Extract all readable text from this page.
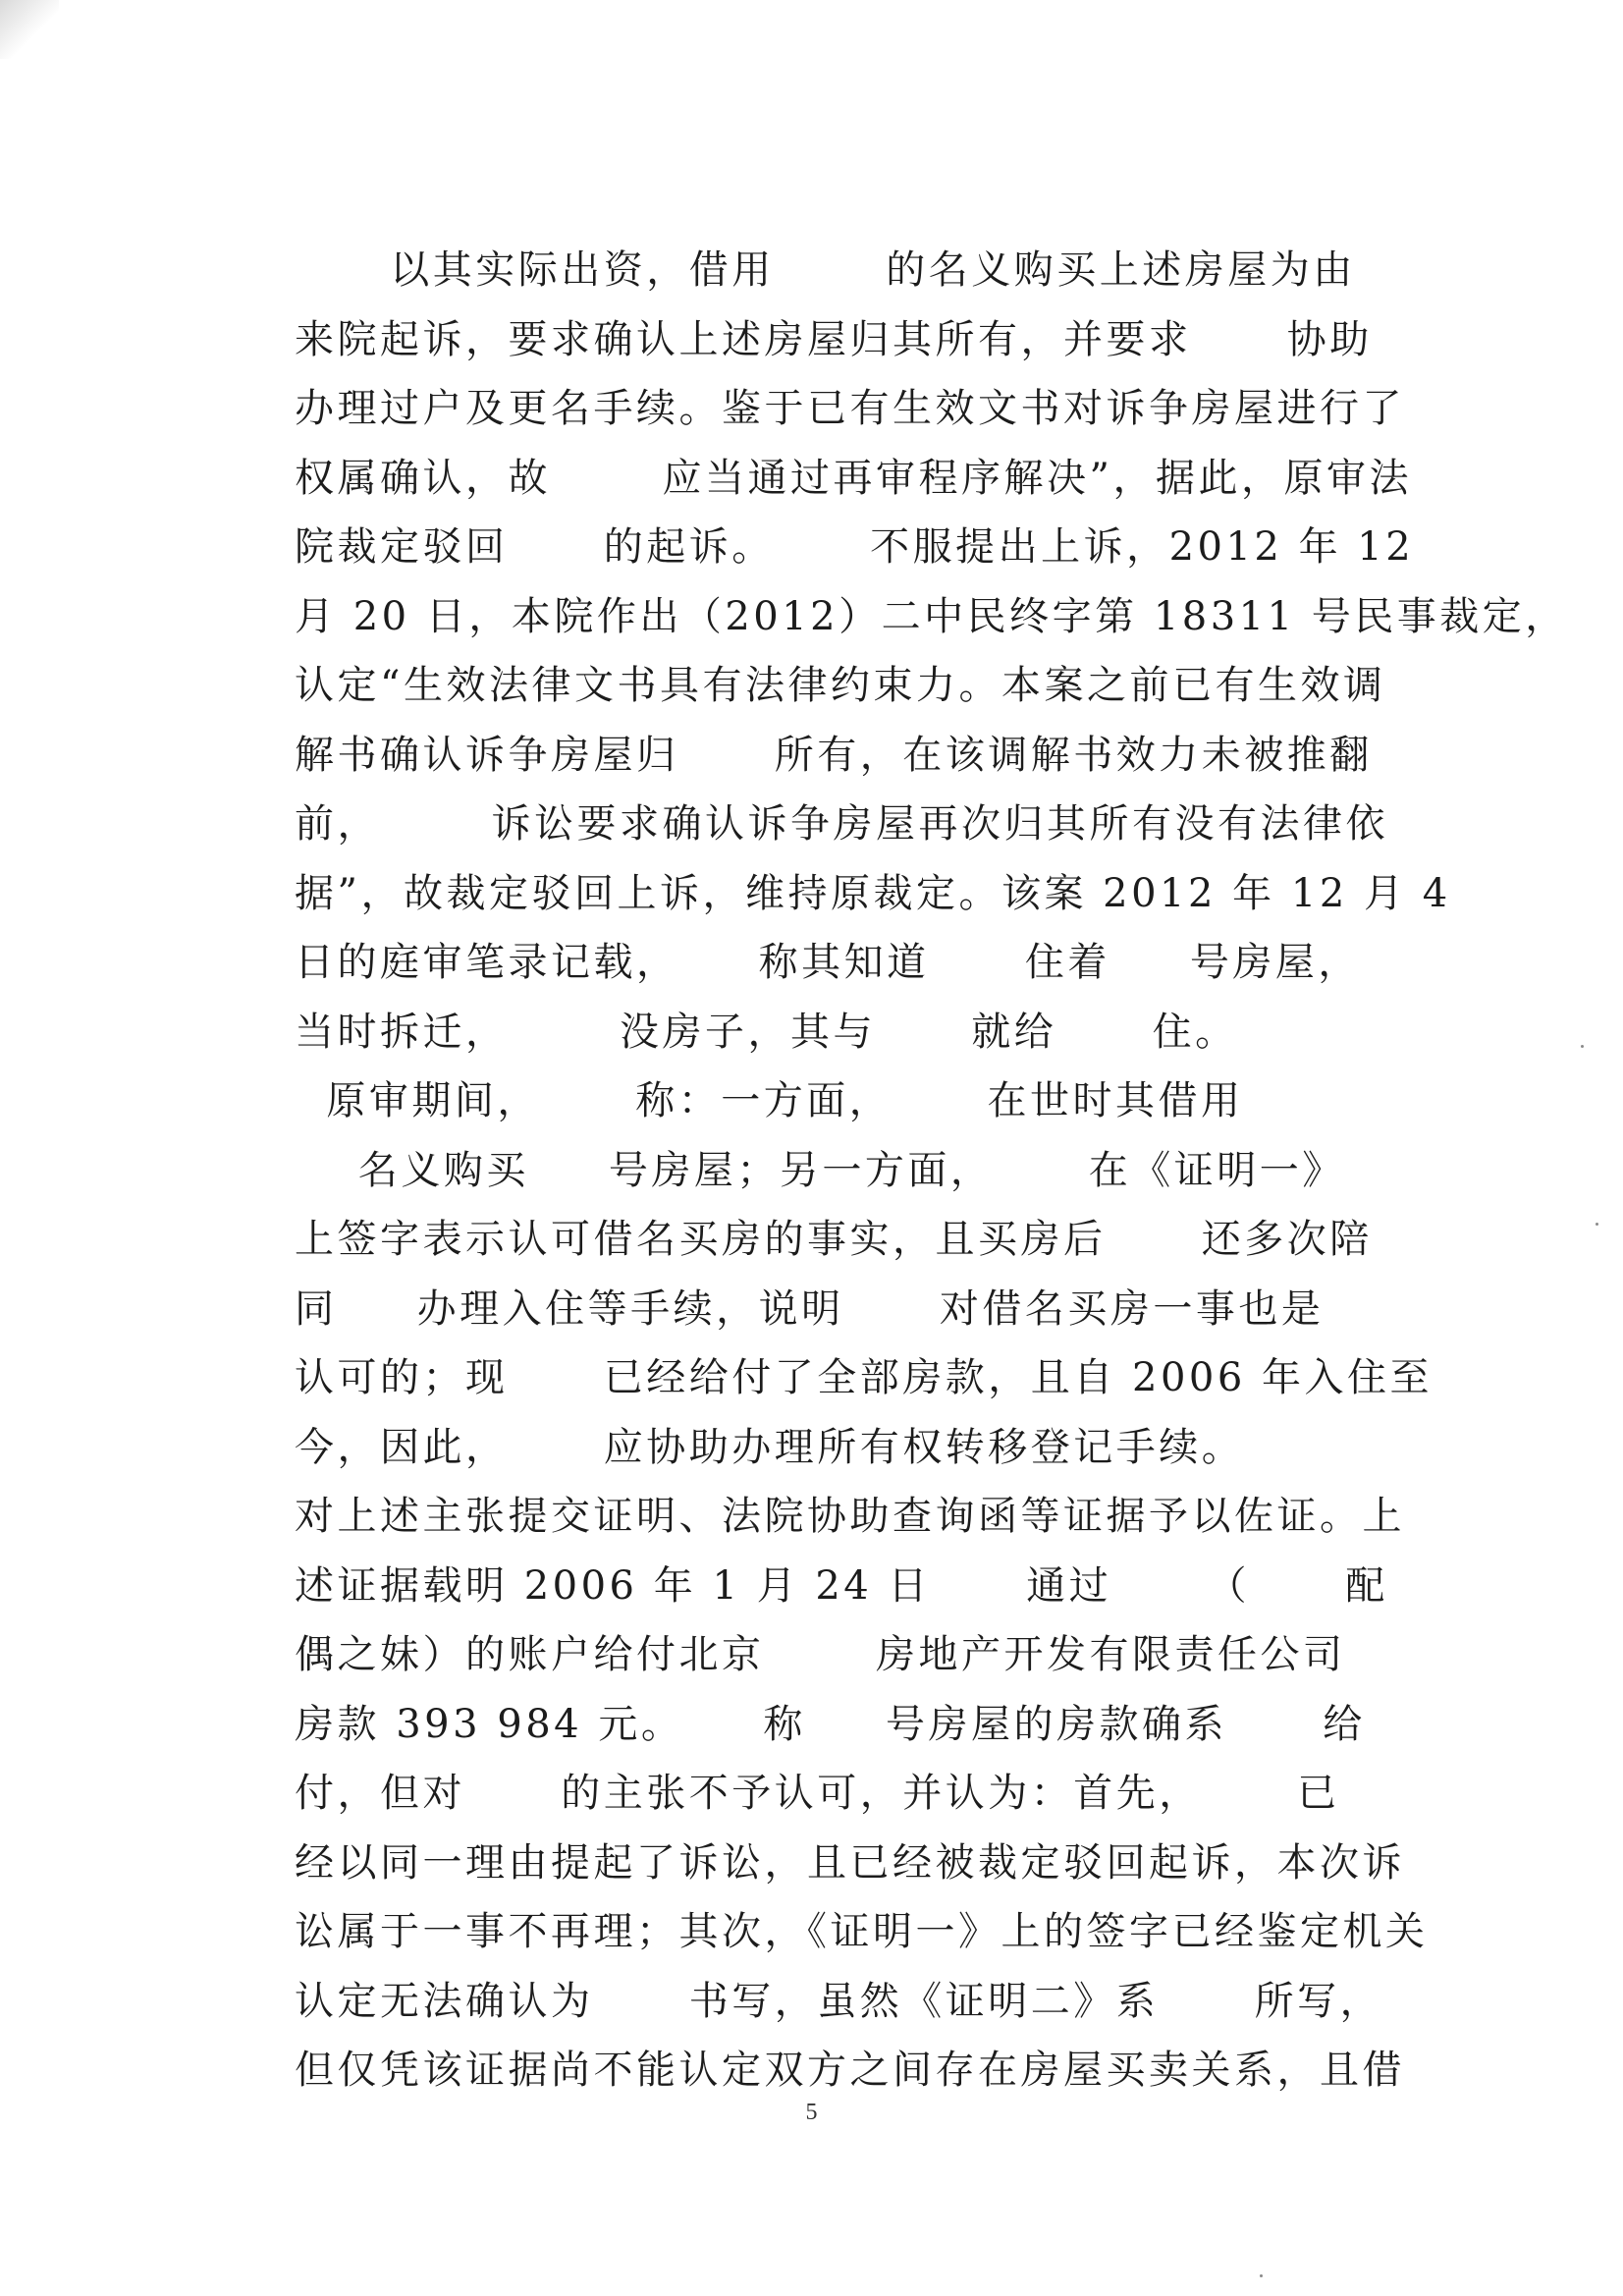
以其实际出资，借用       的名义购买上述房屋为由
来院起诉，要求确认上述房屋归其所有，并要求      协助
办理过户及更名手续。鉴于已有生效文书对诉争房屋进行了
权属确认，故       应当通过再审程序解决”，据此，原审法
院裁定驳回      的起诉。      不服提出上诉，2012 年 12
月 20 日，本院作出（2012）二中民终字第 18311 号民事裁定，
认定“生效法律文书具有法律约束力。本案之前已有生效调
解书确认诉争房屋归      所有，在该调解书效力未被推翻
前，       诉讼要求确认诉争房屋再次归其所有没有法律依
据”，故裁定驳回上诉，维持原裁定。该案 2012 年 12 月 4
日的庭审笔录记载，     称其知道      住着     号房屋，
当时拆迁，       没房子，其与      就给      住。
原审期间，      称：一方面，      在世时其借用
名义购买     号房屋；另一方面，      在《证明一》
上签字表示认可借名买房的事实，且买房后      还多次陪
同     办理入住等手续，说明      对借名买房一事也是
认可的；现      已经给付了全部房款，且自 2006 年入住至
今，因此，      应协助办理所有权转移登记手续。
对上述主张提交证明、法院协助查询函等证据予以佐证。上
述证据载明 2006 年 1 月 24 日      通过      （      配
偶之妹）的账户给付北京       房地产开发有限责任公司
房款 393 984 元。     称     号房屋的房款确系      给
付，但对      的主张不予认可，并认为：首先，      已
经以同一理由提起了诉讼，且已经被裁定驳回起诉，本次诉
讼属于一事不再理；其次，《证明一》上的签字已经鉴定机关
认定无法确认为      书写，虽然《证明二》系      所写，
但仅凭该证据尚不能认定双方之间存在房屋买卖关系，且借
5
